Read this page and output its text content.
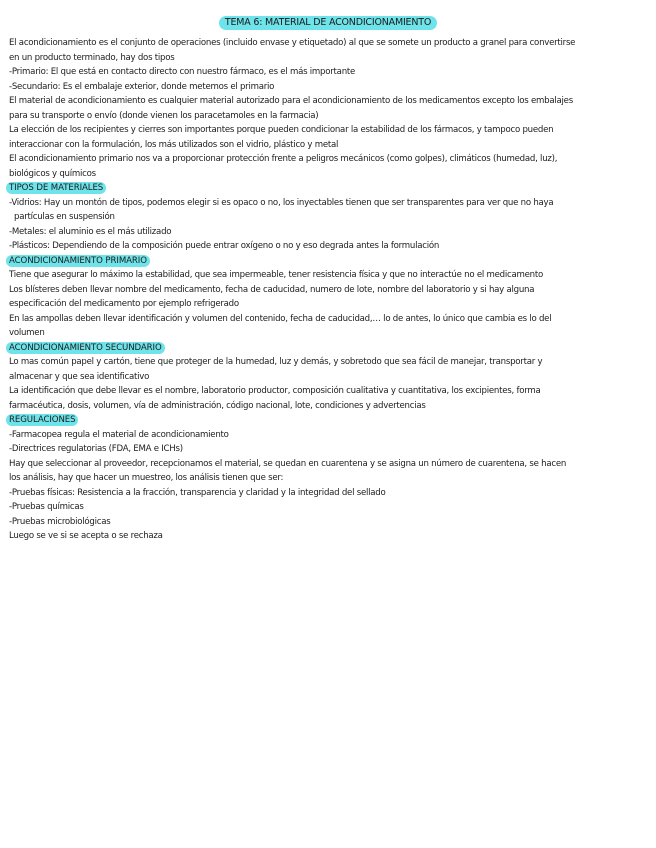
TEMA 6: MATERIAL DE ACONDICIONAMIENTO
El acondicionamiento es el conjunto de operaciones (incluido envase y etiquetado) al que se somete un producto a granel para convertirse
en un producto terminado, hay dos tipos
-Primario: El que está en contacto directo con nuestro fármaco, es el más importante
-Secundario: Es el embalaje exterior, donde metemos el primario
El material de acondicionamiento es cualquier material autorizado para el acondicionamiento de los medicamentos excepto los embalajes
para su transporte o envío (donde vienen los paracetamoles en la farmacia)
La elección de los recipientes y cierres son importantes porque pueden condicionar la estabilidad de los fármacos, y tampoco pueden
interaccionar con la formulación, los más utilizados son el vidrio, plástico y metal
El acondicionamiento primario nos va a proporcionar protección frente a peligros mecánicos (como golpes), climáticos (humedad, luz),
biológicos y químicos
TIPOS DE MATERIALES
-Vidrios: Hay un montón de tipos, podemos elegir si es opaco o no, los inyectables tienen que ser transparentes para ver que no haya
partículas en suspensión
-Metales: el aluminio es el más utilizado
-Plásticos: Dependiendo de la composición puede entrar oxígeno o no y eso degrada antes la formulación
ACONDICIONAMIENTO PRIMARIO
Tiene que asegurar lo máximo la estabilidad, que sea impermeable, tener resistencia física y que no interactúe no el medicamento
Los blísteres deben llevar nombre del medicamento, fecha de caducidad, numero de lote, nombre del laboratorio y si hay alguna
especificación del medicamento por ejemplo refrigerado
En las ampollas deben llevar identificación y volumen del contenido, fecha de caducidad,… lo de antes, lo único que cambia es lo del
volumen
ACONDICIONAMIENTO SECUNDARIO
Lo mas común papel y cartón, tiene que proteger de la humedad, luz y demás, y sobretodo que sea fácil de manejar, transportar y
almacenar y que sea identificativo
La identificación que debe llevar es el nombre, laboratorio productor, composición cualitativa y cuantitativa, los excipientes, forma
farmacéutica, dosis, volumen, vía de administración, código nacional, lote, condiciones y advertencias
REGULACIONES
-Farmacopea regula el material de acondicionamiento
-Directrices regulatorias (FDA, EMA e ICHs)
Hay que seleccionar al proveedor, recepcionamos el material, se quedan en cuarentena y se asigna un número de cuarentena, se hacen
los análisis, hay que hacer un muestreo, los análisis tienen que ser:
-Pruebas físicas: Resistencia a la fracción, transparencia y claridad y la integridad del sellado
-Pruebas químicas
-Pruebas microbiológicas
Luego se ve si se acepta o se rechaza
